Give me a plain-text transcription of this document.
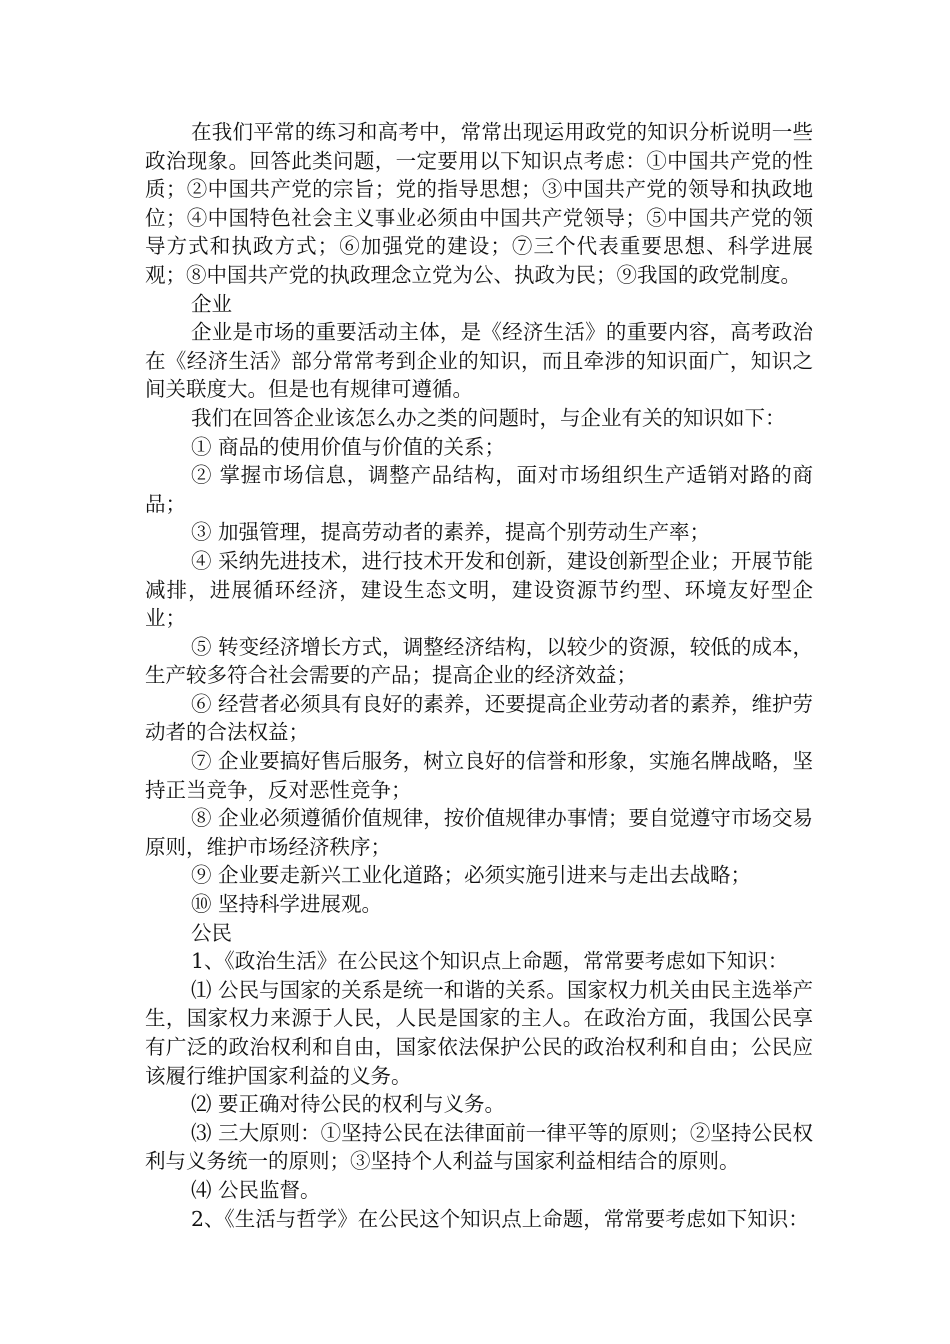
在我们平常的练习和高考中，常常出现运用政党的知识分析说明一些政治现象。回答此类问题，一定要用以下知识点考虑：①中国共产党的性质；②中国共产党的宗旨；党的指导思想；③中国共产党的领导和执政地位；④中国特色社会主义事业必须由中国共产党领导；⑤中国共产党的领导方式和执政方式；⑥加强党的建设；⑦三个代表重要思想、科学进展观；⑧中国共产党的执政理念立党为公、执政为民；⑨我国的政党制度。

企业

企业是市场的重要活动主体，是《经济生活》的重要内容，高考政治在《经济生活》部分常常考到企业的知识，而且牵涉的知识面广，知识之间关联度大。但是也有规律可遵循。

我们在回答企业该怎么办之类的问题时，与企业有关的知识如下：

① 商品的使用价值与价值的关系；

② 掌握市场信息，调整产品结构，面对市场组织生产适销对路的商品；

③ 加强管理，提高劳动者的素养，提高个别劳动生产率；

④ 采纳先进技术，进行技术开发和创新，建设创新型企业；开展节能减排，进展循环经济，建设生态文明，建设资源节约型、环境友好型企业；

⑤ 转变经济增长方式，调整经济结构，以较少的资源，较低的成本，生产较多符合社会需要的产品；提高企业的经济效益；

⑥ 经营者必须具有良好的素养，还要提高企业劳动者的素养，维护劳动者的合法权益；

⑦ 企业要搞好售后服务，树立良好的信誉和形象，实施名牌战略，坚持正当竞争，反对恶性竞争；

⑧ 企业必须遵循价值规律，按价值规律办事情；要自觉遵守市场交易原则，维护市场经济秩序；

⑨ 企业要走新兴工业化道路；必须实施引进来与走出去战略；

⑩ 坚持科学进展观。

公民

1、《政治生活》在公民这个知识点上命题，常常要考虑如下知识：

⑴ 公民与国家的关系是统一和谐的关系。国家权力机关由民主选举产生，国家权力来源于人民，人民是国家的主人。在政治方面，我国公民享有广泛的政治权利和自由，国家依法保护公民的政治权利和自由；公民应该履行维护国家利益的义务。

⑵ 要正确对待公民的权利与义务。

⑶ 三大原则：①坚持公民在法律面前一律平等的原则；②坚持公民权利与义务统一的原则；③坚持个人利益与国家利益相结合的原则。

⑷ 公民监督。

2、《生活与哲学》在公民这个知识点上命题，常常要考虑如下知识：
